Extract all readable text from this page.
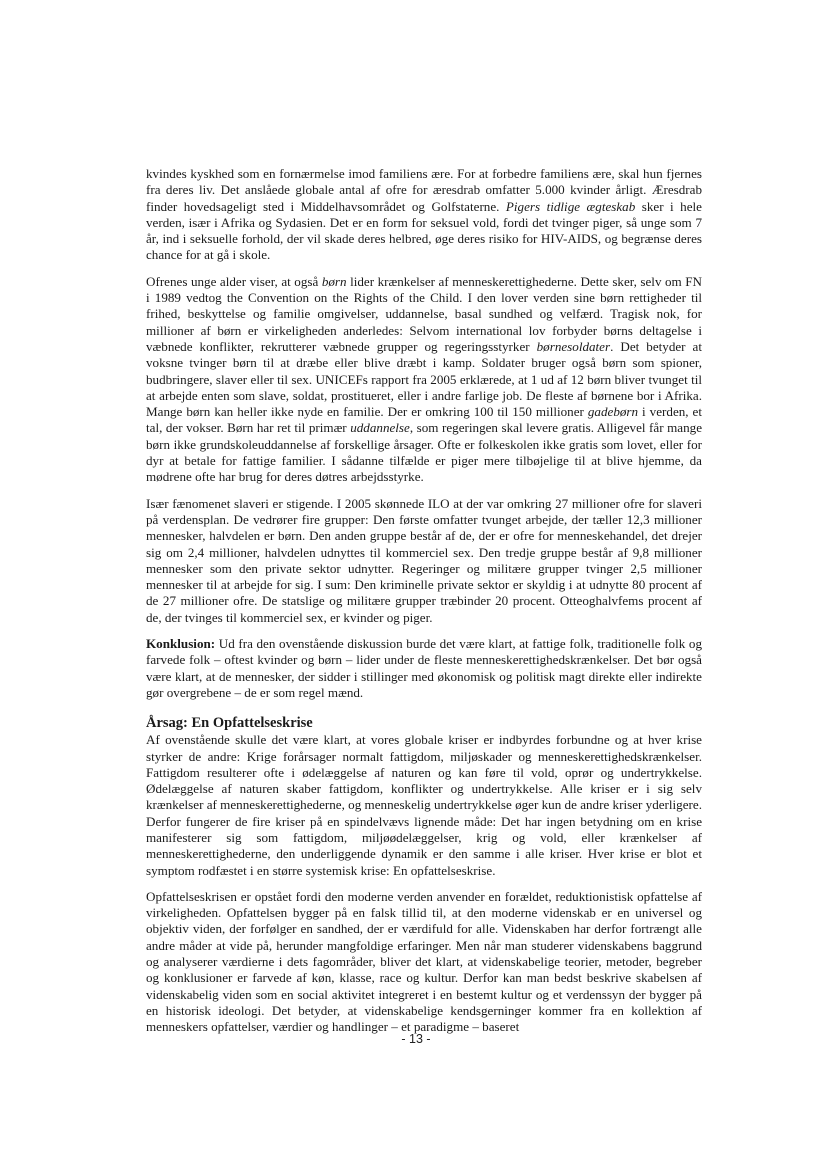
kvindes kyskhed som en fornærmelse imod familiens ære. For at forbedre familiens ære, skal hun fjernes fra deres liv. Det anslåede globale antal af ofre for æresdrab omfatter 5.000 kvinder årligt. Æresdrab finder hovedsageligt sted i Middelhavsområdet og Golfstaterne. Pigers tidlige ægteskab sker i hele verden, især i Afrika og Sydasien. Det er en form for seksuel vold, fordi det tvinger piger, så unge som 7 år, ind i seksuelle forhold, der vil skade deres helbred, øge deres risiko for HIV-AIDS, og begrænse deres chance for at gå i skole.

Ofrenes unge alder viser, at også børn lider krænkelser af menneskerettighederne. Dette sker, selv om FN i 1989 vedtog the Convention on the Rights of the Child. I den lover verden sine børn rettigheder til frihed, beskyttelse og familie omgivelser, uddannelse, basal sundhed og velfærd. Tragisk nok, for millioner af børn er virkeligheden anderledes: Selvom international lov forbyder børns deltagelse i væbnede konflikter, rekrutterer væbnede grupper og regeringsstyrker børnesoldater. Det betyder at voksne tvinger børn til at dræbe eller blive dræbt i kamp. Soldater bruger også børn som spioner, budbringere, slaver eller til sex. UNICEFs rapport fra 2005 erklærede, at 1 ud af 12 børn bliver tvunget til at arbejde enten som slave, soldat, prostitueret, eller i andre farlige job. De fleste af børnene bor i Afrika. Mange børn kan heller ikke nyde en familie. Der er omkring 100 til 150 millioner gadebørn i verden, et tal, der vokser. Børn har ret til primær uddannelse, som regeringen skal levere gratis. Alligevel får mange børn ikke grundskoleuddannelse af forskellige årsager. Ofte er folkeskolen ikke gratis som lovet, eller for dyr at betale for fattige familier. I sådanne tilfælde er piger mere tilbøjelige til at blive hjemme, da mødrene ofte har brug for deres døtres arbejdsstyrke.

Især fænomenet slaveri er stigende. I 2005 skønnede ILO at der var omkring 27 millioner ofre for slaveri på verdensplan. De vedrører fire grupper: Den første omfatter tvunget arbejde, der tæller 12,3 millioner mennesker, halvdelen er børn. Den anden gruppe består af de, der er ofre for menneskehandel, det drejer sig om 2,4 millioner, halvdelen udnyttes til kommerciel sex. Den tredje gruppe består af 9,8 millioner mennesker som den private sektor udnytter. Regeringer og militære grupper tvinger 2,5 millioner mennesker til at arbejde for sig. I sum: Den kriminelle private sektor er skyldig i at udnytte 80 procent af de 27 millioner ofre. De statslige og militære grupper træbinder 20 procent. Otteoghalvfems procent af de, der tvinges til kommerciel sex, er kvinder og piger.

Konklusion: Ud fra den ovenstående diskussion burde det være klart, at fattige folk, traditionelle folk og farvede folk – oftest kvinder og børn – lider under de fleste menneskerettighedskrænkelser. Det bør også være klart, at de mennesker, der sidder i stillinger med økonomisk og politisk magt direkte eller indirekte gør overgrebene – de er som regel mænd.

Årsag: En Opfattelseskrise

Af ovenstående skulle det være klart, at vores globale kriser er indbyrdes forbundne og at hver krise styrker de andre: Krige forårsager normalt fattigdom, miljøskader og menneskerettighedskrænkelser. Fattigdom resulterer ofte i ødelæggelse af naturen og kan føre til vold, oprør og undertrykkelse. Ødelæggelse af naturen skaber fattigdom, konflikter og undertrykkelse. Alle kriser er i sig selv krænkelser af menneskerettighederne, og menneskelig undertrykkelse øger kun de andre kriser yderligere. Derfor fungerer de fire kriser på en spindelvævs lignende måde: Det har ingen betydning om en krise manifesterer sig som fattigdom, miljøødelæggelser, krig og vold, eller krænkelser af menneskerettighederne, den underliggende dynamik er den samme i alle kriser. Hver krise er blot et symptom rodfæstet i en større systemisk krise: En opfattelseskrise.

Opfattelseskrisen er opstået fordi den moderne verden anvender en forældet, reduktionistisk opfattelse af virkeligheden. Opfattelsen bygger på en falsk tillid til, at den moderne videnskab er en universel og objektiv viden, der forfølger en sandhed, der er værdifuld for alle. Videnskaben har derfor fortrængt alle andre måder at vide på, herunder mangfoldige erfaringer. Men når man studerer videnskabens baggrund og analyserer værdierne i dets fagområder, bliver det klart, at videnskabelige teorier, metoder, begreber og konklusioner er farvede af køn, klasse, race og kultur. Derfor kan man bedst beskrive skabelsen af videnskabelig viden som en social aktivitet integreret i en bestemt kultur og et verdenssyn der bygger på en historisk ideologi. Det betyder, at videnskabelige kendsgerninger kommer fra en kollektion af menneskers opfattelser, værdier og handlinger – et paradigme – baseret

- 13 -
